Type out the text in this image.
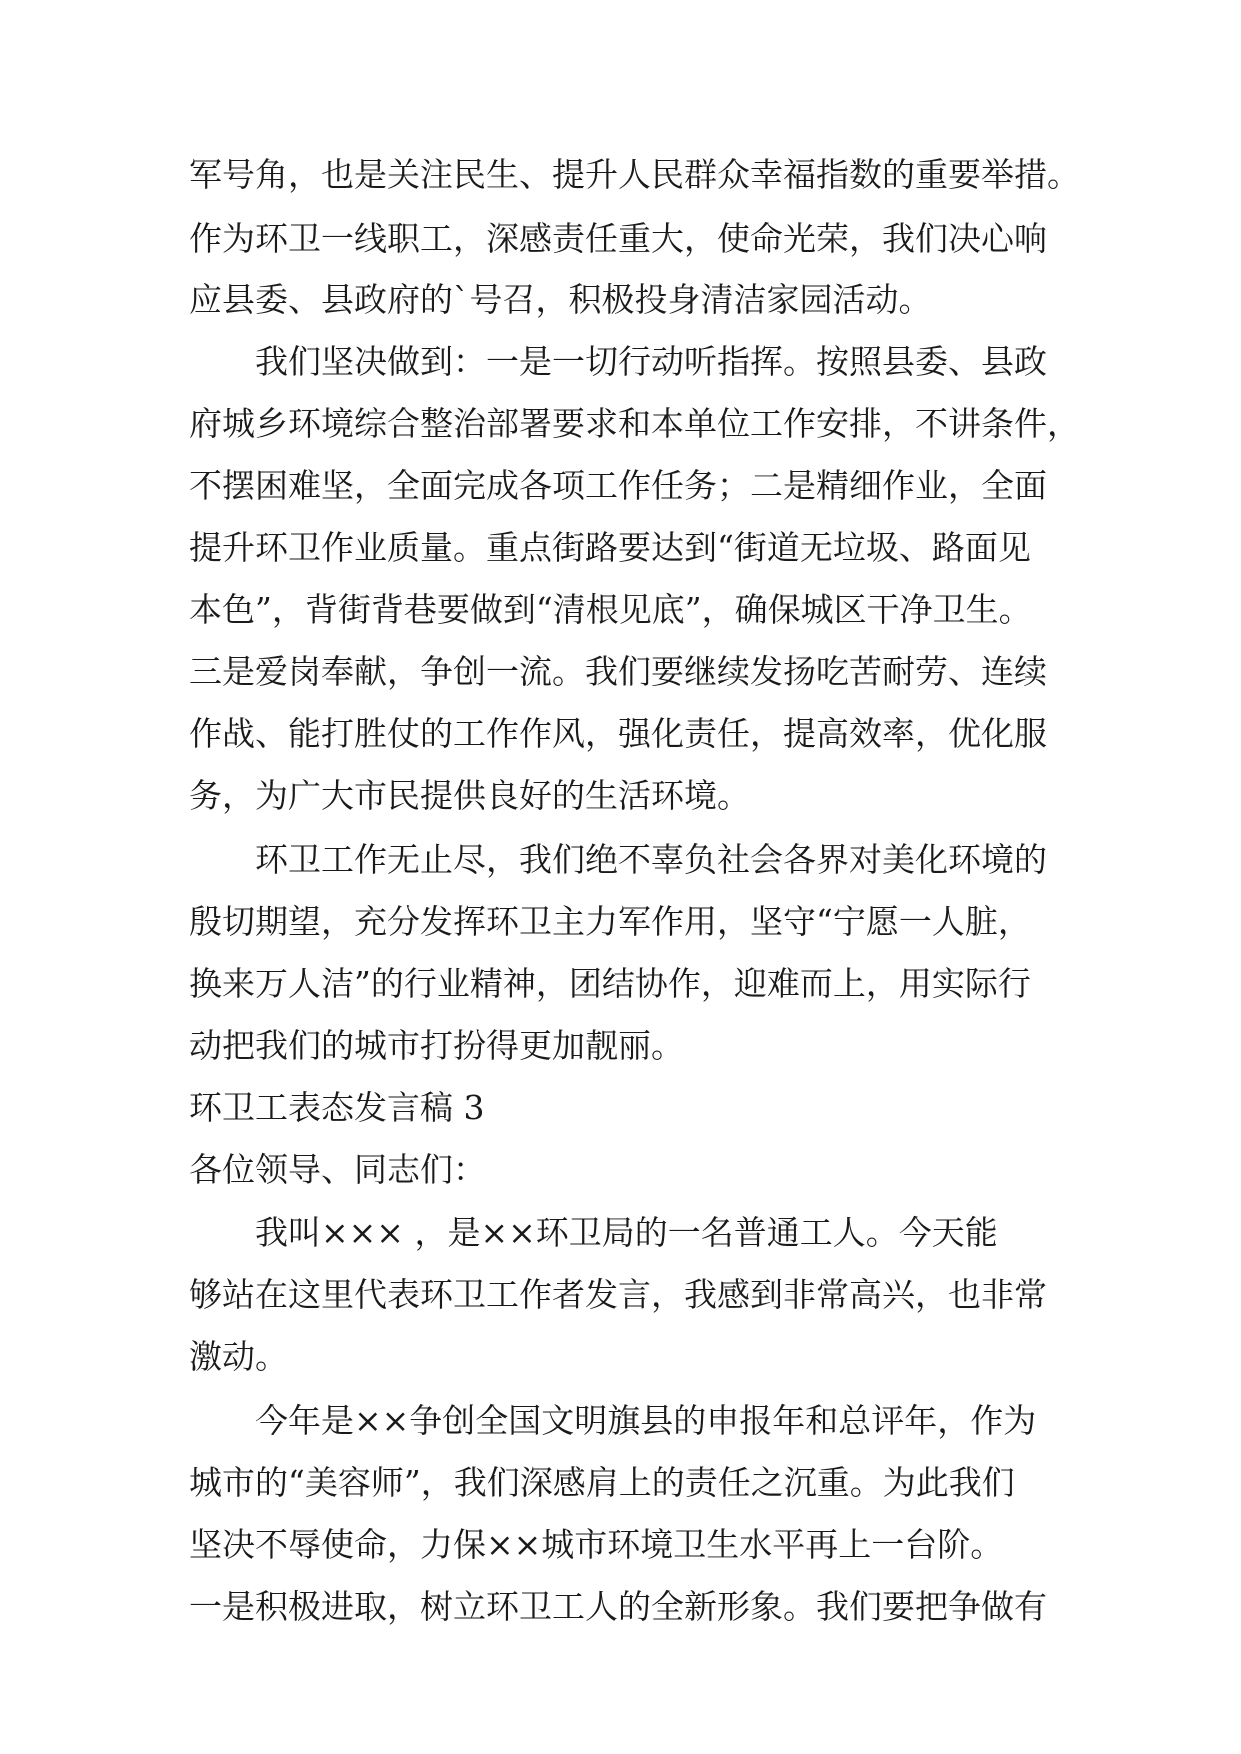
军号角，也是关注民生、提升人民群众幸福指数的重要举措。
作为环卫一线职工，深感责任重大，使命光荣，我们决心响
应县委、县政府的`号召，积极投身清洁家园活动。
我们坚决做到：一是一切行动听指挥。按照县委、县政
府城乡环境综合整治部署要求和本单位工作安排，不讲条件，
不摆困难坚，全面完成各项工作任务；二是精细作业，全面
提升环卫作业质量。重点街路要达到“街道无垃圾、路面见
本色”，背街背巷要做到“清根见底”，确保城区干净卫生。
三是爱岗奉献，争创一流。我们要继续发扬吃苦耐劳、连续
作战、能打胜仗的工作作风，强化责任，提高效率，优化服
务，为广大市民提供良好的生活环境。
环卫工作无止尽，我们绝不辜负社会各界对美化环境的
殷切期望，充分发挥环卫主力军作用，坚守“宁愿一人脏，
换来万人洁”的行业精神，团结协作，迎难而上，用实际行
动把我们的城市打扮得更加靓丽。
环卫工表态发言稿 3
各位领导、同志们：
我叫××× ，是××环卫局的一名普通工人。今天能
够站在这里代表环卫工作者发言，我感到非常高兴，也非常
激动。
今年是××争创全国文明旗县的申报年和总评年，作为
城市的“美容师”，我们深感肩上的责任之沉重。为此我们
坚决不辱使命，力保××城市环境卫生水平再上一台阶。
一是积极进取，树立环卫工人的全新形象。我们要把争做有
